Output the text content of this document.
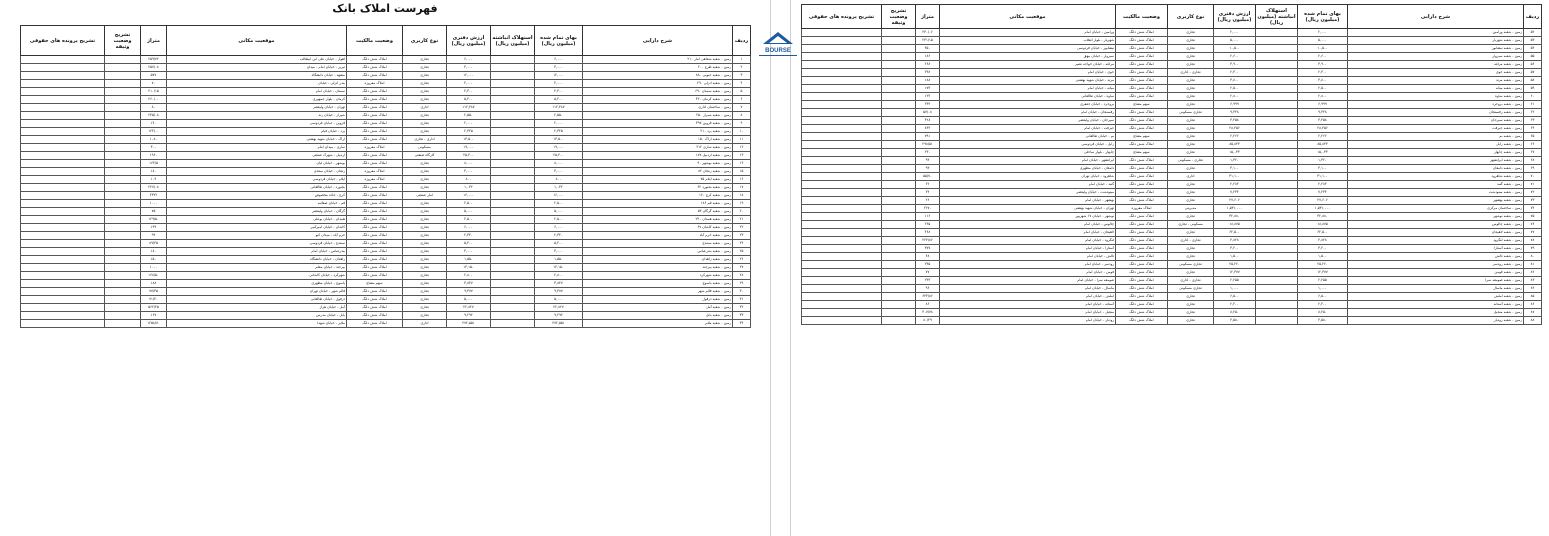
فهرست املاک بانک
ردیف	شرح دارایی	بهای تمام شده (میلیون ریال)	استهلاک انباشته (میلیون ریال)	ارزش دفتری (میلیون ریال)	نوع کاربری	وضعیت مالکیت	موقعیت مکانی	متراژ	تشریح وضعیت وثیقه	تشریح پرونده های حقوقی
۱	زمین - شعبه شفاهی انبار ۲۱۰	۶,۰۰۰		۶,۰۰۰	تجاری	املاک شش دانگ	اهواز - خیابان علی ابن ابیطالب	۲۵۹/۷۲		
۲	زمین - شعبه طرح ۲۰۰	۳,۰۰۰		۳,۰۰۰	تجاری	املاک شش دانگ	تبریز - خیابان امام - میدان	۲۵۷/۰۸		
۳	زمین - شعبه جنوبی ۸۸۰	۱۲,۰۰۰		۱۲,۰۰۰	تجاری	املاک شش دانگ	مشهد - خیابان دانشگاه	۵۷۷		
۴	زمین - شعبه انزلی ۲۹۰	۴,۰۰۰		۴,۰۰۰	تجاری	املاک مفروزه	بندر انزلی - خیابان	۷۰		
۵	زمین - شعبه سمنان ۶۹۰	۴,۳۰۰		۴,۳۰۰	تجاری	املاک شش دانگ	سمنان - خیابان امام	۲۱۰/۱۵		
۶	زمین - شعبه کرمان ۳۲۰	۵,۴۰۰		۵,۴۰۰	تجاری	املاک شش دانگ	کرمان - بلوار جمهوری	۲۶۰/۰۰		
۷	زمین - ساختمان اداری	۱۱۲,۴۸۷		۱۱۲,۴۸۷	اداری	املاک شش دانگ	تهران - خیابان ولیعصر	۸۰		
۸	زمین - شعبه شیراز ۲۵۰	۲,۵۵۰		۲,۵۵۰	تجاری	املاک شش دانگ	شیراز - خیابان زند	۲۴۵/۰۸		
۹	زمین - شعبه قزوین ۳۹۷	۲,۰۰۰		۲,۰۰۰	تجاری	املاک شش دانگ	قزوین - خیابان فردوسی	۱۴۰		
۱۰	زمین - شعبه یزد ۲۱۰	۲,۳۴۵		۲,۳۴۵	تجاری	املاک شش دانگ	یزد - خیابان قیام	۱۲۴/۰۰		
۱۱	زمین - شعبه اراک ۱۵۰	۱۳,۵۰۰		۱۳,۵۰۰	اداری - تجاری	املاک شش دانگ	اراک - خیابان شهید بهشتی	۱۰۸۰		
۱۲	زمین - شعبه ساری ۲۱۲	۱۹,۰۰۰		۱۹,۰۰۰	مسکونی	املاک مفروزه	ساری - میدان امام	۳۰۰		
۱۳	زمین - شعبه اردبیل ۱۷۸	۲۵,۴۰۰		۲۵,۴۰۰	کارگاه صنعتی	املاک شش دانگ	اردبیل - شهرک صنعتی	۱۹۶۰		
۱۴	زمین - شعبه بوشهر ۹۰	۸,۰۰۰		۸,۰۰۰	تجاری	املاک شش دانگ	بوشهر - خیابان لیان	۱۶۳/۵		
۱۵	زمین - شعبه زنجان ۸۲	۳,۰۰۰		۳,۰۰۰	تجاری	املاک مفروزه	زنجان - خیابان سعدی	۱۸۰		
۱۶	زمین - شعبه ایلام ۷۵	۸۰۰		۸۰۰	تجاری	املاک مفروزه	ایلام - خیابان فردوسی	۱۰۹		
۱۷	زمین - شعبه بجنورد ۶۲	۱,۰۳۲		۱,۰۳۲	تجاری	املاک شش دانگ	بجنورد - خیابان طالقانی	۲۲۷/۰۸		
۱۸	زمین - شعبه کرج ۱۲۰	۱۶,۰۰۰		۱۶,۰۰۰	انبار صنعتی	املاک شش دانگ	کرج - جاده مخصوص	۲۳۲۲		
۱۹	زمین - شعبه قم ۱۸۶	۲,۵۰۰		۲,۵۰۰	تجاری	املاک شش دانگ	قم - خیابان صفائیه	۱۰۰۰		
۲۰	زمین - شعبه گرگان ۵۳	۵,۰۰۰		۵,۰۰۰	تجاری	املاک شش دانگ	گرگان - خیابان ولیعصر	۷۵		
۲۱	زمین - شعبه همدان ۲۴۰	۲,۵۰۰		۲,۵۰۰	تجاری	املاک شش دانگ	همدان - خیابان بوعلی	۱۲۹/۵۰		
۲۲	زمین - شعبه کاشان ۶۷	۶,۰۰۰		۶,۰۰۰	تجاری	املاک شش دانگ	کاشان - خیابان امیرکبیر	۱۳۹		
۲۳	زمین - شعبه خرم آباد	۲,۳۴۰		۲,۳۴۰	تجاری	املاک شش دانگ	خرم آباد - میدان کیو	۹۴		
۲۴	زمین - شعبه سنندج	۵,۴۰۰		۵,۴۰۰	تجاری	املاک شش دانگ	سنندج - خیابان فردوسی	۸۹/۴۵		
۲۵	زمین - شعبه بندرعباس	۳,۰۰۰		۳,۰۰۰	تجاری	املاک شش دانگ	بندرعباس - خیابان امام	۱۸۰		
۲۶	زمین - شعبه زاهدان	۱,۵۵۰		۱,۵۵۰	تجاری	املاک شش دانگ	زاهدان - خیابان دانشگاه	۱۵۰		
۲۷	زمین - شعبه بیرجند	۱۴,۱۵۰		۱۴,۱۵۰	تجاری	املاک شش دانگ	بیرجند - خیابان معلم	۱۰۰۰		
۲۸	زمین - شعبه شهرکرد	۲,۸۰۰		۲,۸۰۰	تجاری	املاک شش دانگ	شهرکرد - خیابان کاشانی	۱۶۸/۵۰		
۲۹	زمین - شعبه یاسوج	۳,۸۴۷		۳,۸۴۷	تجاری	سهم مشاع	یاسوج - خیابان مطهری	۱۸۸		
۳۰	زمین - شعبه قائم شهر	۹,۳۷۷		۹,۳۷۷	تجاری	املاک شش دانگ	قائم شهر - خیابان تهران	۷۷/۳۵		
۳۱	زمین - شعبه دزفول	۵,۰۰۰		۵,۰۰۰	تجاری	املاک شش دانگ	دزفول - خیابان طالقانی	۷۱/۴۰		
۳۲	زمین - شعبه آمل	۲۲,۸۲۷		۲۲,۸۲۷	تجاری	املاک شش دانگ	آمل - خیابان هراز	۵۶۲/۴۵		
۳۳	زمین - شعبه بابل	۹,۲۹۲		۹,۲۹۲	تجاری	املاک شش دانگ	بابل - خیابان مدرس	۱۶۷		
۳۴	زمین - شعبه ملایر	۲۷۲,۵۵۱		۲۷۲,۵۵۱	اداری	املاک شش دانگ	ملایر - خیابان شهدا	۱۲۵۸/۷۰		
ردیف	شرح دارایی	بهای تمام شده (میلیون ریال)	استهلاک انباشته (میلیون ریال)	ارزش دفتری (میلیون ریال)	نوع کاربری	وضعیت مالکیت	موقعیت مکانی	متراژ	تشریح وضعیت وثیقه	تشریح پرونده های حقوقی
۵۲	زمین - شعبه ورامین	۲,۰۰۰		۲,۰۰۰	تجاری	املاک شش دانگ	ورامین - خیابان امام	۲۳۰/۰۶		
۵۳	زمین - شعبه شهریار	۵,۰۰۰		۵,۰۰۰	تجاری	املاک شش دانگ	شهریار - بلوار انقلاب	۲۳۱/۱۵		
۵۴	زمین - شعبه نیشابور	۱۰,۵۰۰		۱۰,۵۰۰	تجاری	املاک شش دانگ	نیشابور - خیابان فردوسی	۴۵۰		
۵۵	زمین - شعبه سبزوار	۲,۶۰۰		۲,۶۰۰	تجاری	املاک شش دانگ	سبزوار - خیابان بیهق	۱۸۶		
۵۶	زمین - شعبه مراغه	۳,۹۰۰		۳,۹۰۰	تجاری	املاک شش دانگ	مراغه - خیابان خواجه نصیر	۲۶۸		
۵۷	زمین - شعبه خوی	۲,۳۰۰		۲,۳۰۰	تجاری - اداری	املاک شش دانگ	خوی - خیابان امام	۲۳۸		
۵۸	زمین - شعبه مرند	۳,۸۰۰		۳,۸۰۰	تجاری	املاک شش دانگ	مرند - خیابان شهید بهشتی	۱۸۸		
۵۹	زمین - شعبه میانه	۲,۵۰۰		۲,۵۰۰	تجاری	املاک شش دانگ	میانه - خیابان امام	۱۷۳		
۶۰	زمین - شعبه ساوه	۲,۸۰۰		۲,۸۰۰	تجاری	املاک شش دانگ	ساوه - خیابان طالقانی	۱۲۴		
۶۱	زمین - شعبه بروجرد	۶,۹۹۹		۶,۹۹۹	تجاری	سهم مشاع	بروجرد - خیابان جعفری	۲۴۴		
۶۲	زمین - شعبه رفسنجان	۹,۴۴۸		۹,۴۴۸	تجاری مسکونی	املاک شش دانگ	رفسنجان - خیابان امام	۵۷/۰۸		
۶۳	زمین - شعبه سیرجان	۳,۴۵۸		۳,۴۵۸	تجاری	املاک شش دانگ	سیرجان - خیابان ولیعصر	۴۲۸		
۶۴	زمین - شعبه جیرفت	۲۸,۴۵۶		۲۸,۴۵۶	تجاری	املاک شش دانگ	جیرفت - خیابان امام	۸۴۴		
۶۵	زمین - شعبه بم	۲,۲۶۶		۲,۲۶۶	تجاری	سهم مشاع	بم - خیابان طالقانی	۷۹۱		
۶۶	زمین - شعبه زابل	۸۵,۸۴۳		۸۵,۸۴۳	تجاری	املاک شش دانگ	زابل - خیابان فردوسی	۲۹۸/۵۱		
۶۷	زمین - شعبه چابهار	۱۵,۰۳۳		۱۵,۰۳۳	تجاری	سهم مشاع	چابهار - بلوار ساحلی	۲۳۰		
۶۸	زمین - شعبه ایرانشهر	۱,۳۲۰		۱,۳۲۰	تجاری - مسکونی	املاک شش دانگ	ایرانشهر - خیابان امام	۹۳		
۶۹	زمین - شعبه دامغان	۳,۱۰۰		۳,۱۰۰	تجاری	املاک شش دانگ	دامغان - خیابان مطهری	۹۳		
۷۰	زمین - شعبه شاهرود	۳۱,۱۰۰		۳۱,۱۰۰	اداری	املاک شش دانگ	شاهرود - خیابان تهران	۵۵/۷۰		
۷۱	زمین - شعبه گنبد	۲,۲۸۴		۲,۲۸۴	تجاری	املاک شش دانگ	گنبد - خیابان امام	۶۲		
۷۲	زمین - شعبه مینودشت	۷,۲۳۴		۷,۲۳۴	تجاری	املاک شش دانگ	مینودشت - خیابان ولیعصر	۲۴		
۷۳	زمین - شعبه بهشهر	۲۷,۶۰۶		۲۷,۶۰۶	تجاری	املاک شش دانگ	بهشهر - خیابان امام	۲۶		
۷۴	زمین - ساختمان مرکزی	۱,۵۳۱,۰۰۰		۱,۵۳۱,۰۰۰	مدیریتی	املاک مفروزه	تهران - خیابان شهید بهشتی	۲۶۷۰		
۷۵	زمین - شعبه نوشهر	۳۲,۸۸۰		۳۲,۸۸۰	تجاری	املاک شش دانگ	نوشهر - خیابان ۱۷ شهریور	۱۱۶		
۷۶	زمین - شعبه چالوس	۱۸,۸۷۵		۱۸,۸۷۵	مسکونی - تجاری	املاک شش دانگ	چالوس - خیابان امام	۲۶۵		
۷۷	زمین - شعبه لاهیجان	۶۲,۵۰۰		۶۲,۵۰۰	تجاری	املاک شش دانگ	لاهیجان - خیابان امام	۴۶۸		
۷۸	زمین - شعبه لنگرود	۴,۸۲۸		۴,۸۲۸	تجاری - اداری	املاک شش دانگ	لنگرود - خیابان امام	۲۲۴/۸۶		
۷۹	زمین - شعبه آستارا	۳,۲۰۰		۳,۲۰۰	تجاری	املاک شش دانگ	آستارا - خیابان امام	۳۷۷		
۸۰	زمین - شعبه تالش	۱,۵۰۰		۱,۵۰۰	تجاری	املاک شش دانگ	تالش - خیابان امام	۴۸		
۸۱	زمین - شعبه رودسر	۲۵,۲۲۰		۲۵,۲۲۰	تجاری مسکونی	املاک شش دانگ	رودسر - خیابان امام	۲۴۵		
۸۲	زمین - شعبه فومن	۱۲,۳۷۷		۱۲,۳۷۷	تجاری	املاک شش دانگ	فومن - خیابان امام	۷۷		
۸۳	زمین - شعبه صومعه سرا	۲,۲۵۵		۲,۲۵۵	تجاری - اداری	املاک شش دانگ	صومعه سرا - خیابان امام	۲۴۳		
۸۴	زمین - شعبه ماسال	۱,۰۰۰		۱,۰۰۰	تجاری مسکونی	املاک شش دانگ	ماسال - خیابان امام	۹۶		
۸۵	زمین - شعبه املش	۶,۵۰۰		۶,۵۰۰	تجاری	املاک شش دانگ	املش - خیابان امام	۶۴۴/۸۶		
۸۶	زمین - شعبه آستانه	۲,۴۰۰		۲,۴۰۰	تجاری	املاک شش دانگ	آستانه - خیابان امام	۸۶		
۸۷	زمین - شعبه منجیل	۸,۲۵۰		۸,۲۵۰	تجاری	املاک شش دانگ	منجیل - خیابان امام	۳۰۷/۷۸		
۸۸	زمین - شعبه رودبار	۴,۵۸۰		۴,۵۸۰	تجاری	املاک شش دانگ	رودبار - خیابان امام	۸۰/۴۹		
BOURSE
